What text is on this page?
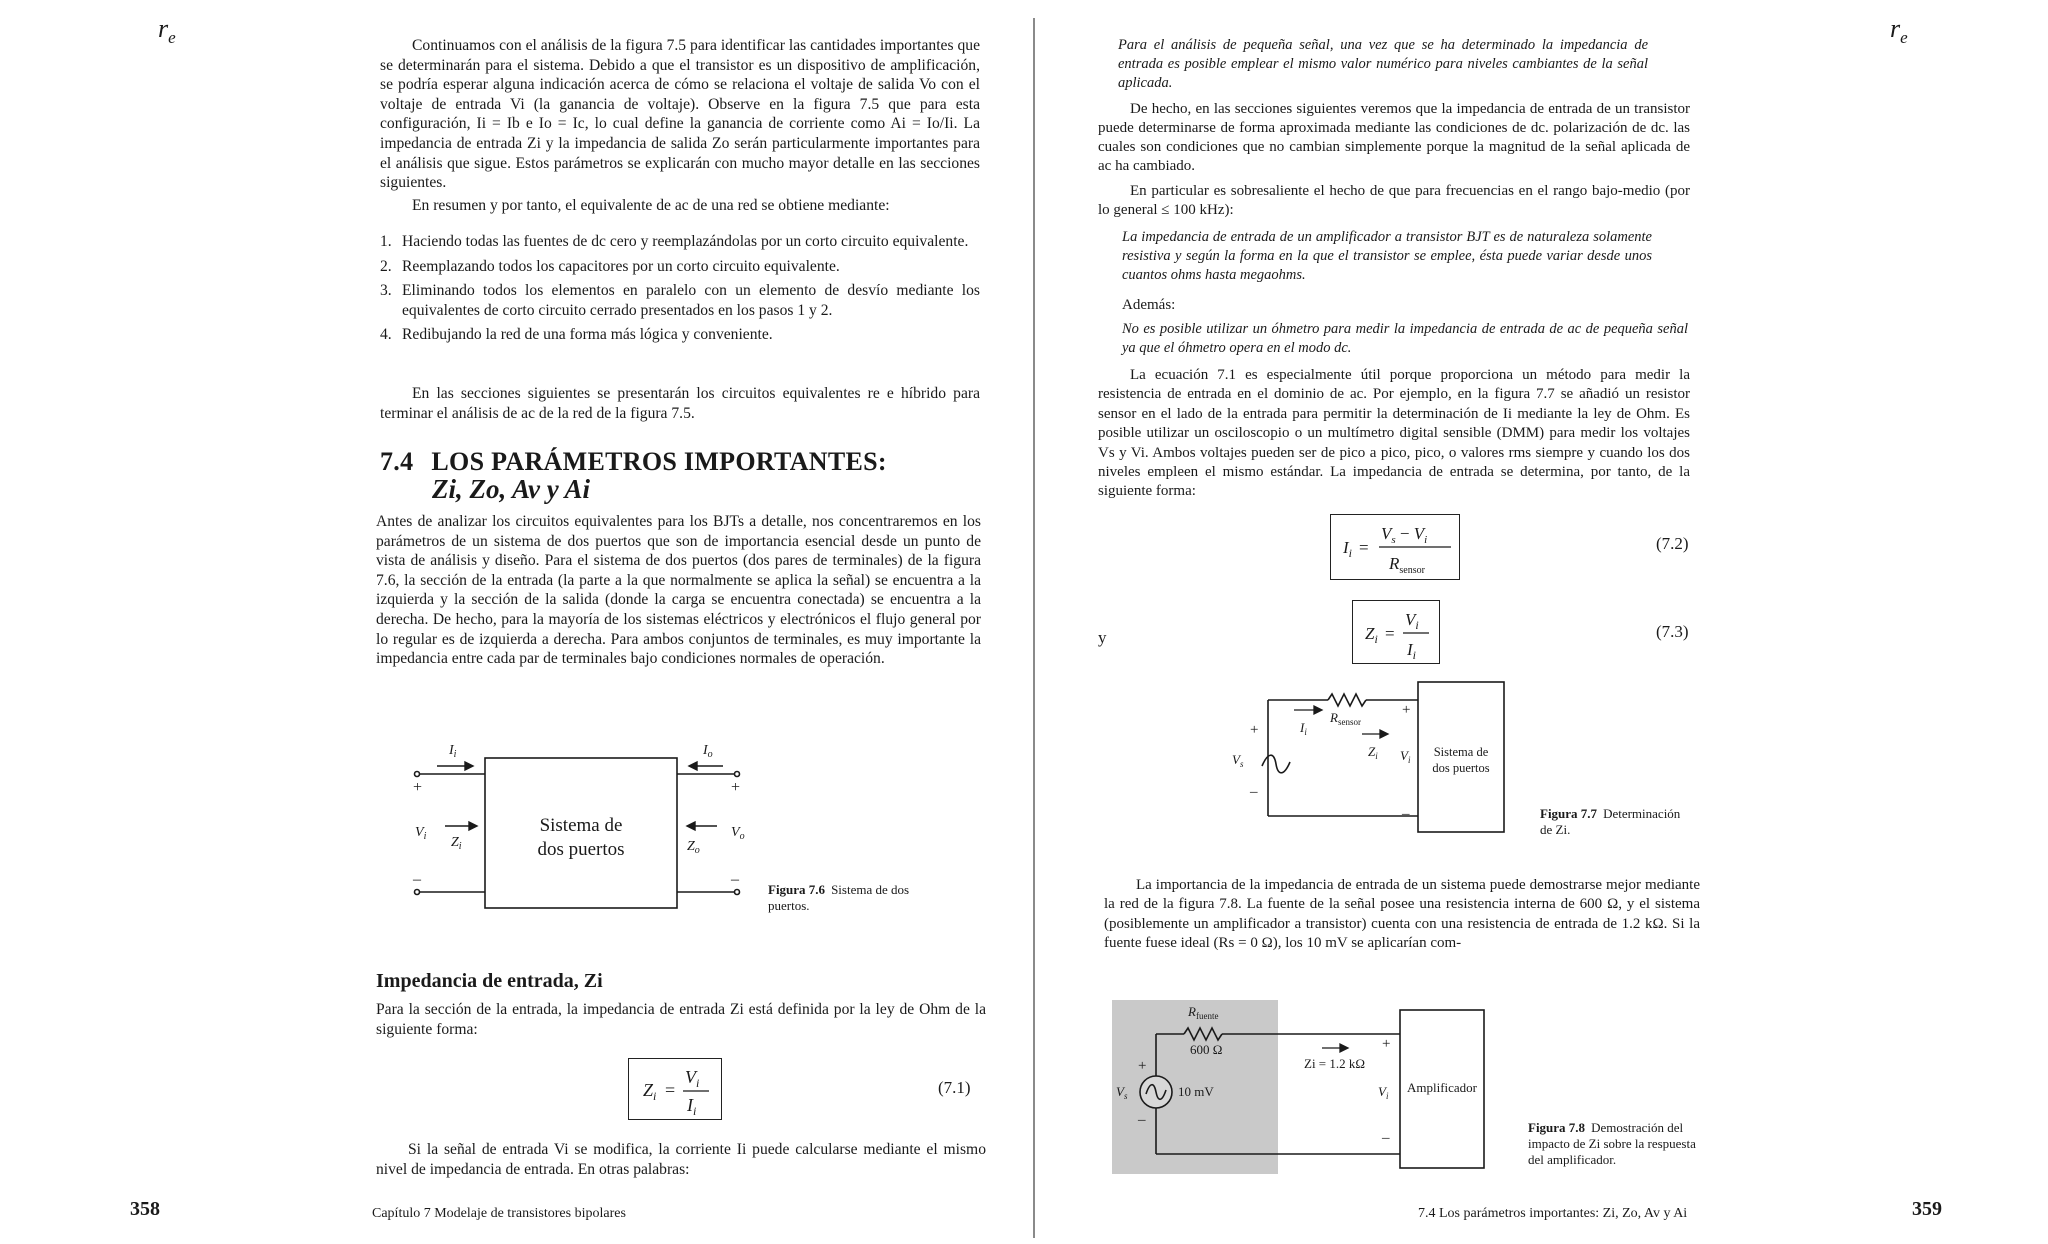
$r_e$	Continuamos con el análisis de la figura 7.5 para identificar las cantidades importantes que se determinarán para el sistema. Debido a que el transistor es un dispositivo de amplificación, se podría esperar alguna indicación acerca de cómo se relaciona el voltaje de salida Vo con el voltaje de entrada Vi (la ganancia de voltaje). Observe en la figura 7.5 que para esta configuración, Ii = Ib e Io = Ic, lo cual define la ganancia de corriente como Ai = Io/Ii. La impedancia de entrada Zi y la impedancia de salida Zo serán particularmente importantes para el análisis que sigue. Estos parámetros se explicarán con mucho mayor detalle en las secciones siguientes.

En resumen y por tanto, el equivalente de ac de una red se obtiene mediante:

1. Haciendo todas las fuentes de dc cero y reemplazándolas por un corto circuito equivalente.
2. Reemplazando todos los capacitores por un corto circuito equivalente.
3. Eliminando todos los elementos en paralelo con un elemento de desvío mediante los equivalentes de corto circuito cerrado presentados en los pasos 1 y 2.
4. Redibujando la red de una forma más lógica y conveniente.

En las secciones siguientes se presentarán los circuitos equivalentes re e híbrido para terminar el análisis de ac de la red de la figura 7.5.

7.4 LOS PARÁMETROS IMPORTANTES:
Zi, Zo, Av y Ai

Antes de analizar los circuitos equivalentes para los BJTs a detalle, nos concentraremos en los parámetros de un sistema de dos puertos que son de importancia esencial desde un punto de vista de análisis y diseño. Para el sistema de dos puertos (dos pares de terminales) de la figura 7.6, la sección de la entrada (la parte a la que normalmente se aplica la señal) se encuentra a la izquierda y la sección de la salida (donde la carga se encuentra conectada) se encuentra a la derecha. De hecho, para la mayoría de los sistemas eléctricos y electrónicos el flujo general por lo regular es de izquierda a derecha. Para ambos conjuntos de terminales, es muy importante la impedancia entre cada par de terminales bajo condiciones normales de operación.

$I_i$	$I_o$
$V_i$ $Z_i$	$Z_o$
$V_o$
+
–
+
–
Sistema de
dos puertos
Figura 7.6 Sistema de dos puertos.
Impedancia de entrada, Zi

Para la sección de la entrada, la impedancia de entrada Zi está definida por la ley de Ohm de la siguiente forma:

$Z_i$ =
$V_i$
$I_i$
(7.1)

Si la señal de entrada Vi se modifica, la corriente Ii puede calcularse mediante el mismo nivel de impedancia de entrada. En otras palabras:

358	Capítulo 7 Modelaje de transistores bipolares
$r_e$

Para el análisis de pequeña señal, una vez que se ha determinado la impedancia de entrada es posible emplear el mismo valor numérico para niveles cambiantes de la señal aplicada.

De hecho, en las secciones siguientes veremos que la impedancia de entrada de un transistor puede determinarse de forma aproximada mediante las condiciones de dc. polarización de dc. las cuales son condiciones que no cambian simplemente porque la magnitud de la señal aplicada de ac ha cambiado.

En particular es sobresaliente el hecho de que para frecuencias en el rango bajo-medio (por lo general ≤ 100 kHz):

La impedancia de entrada de un amplificador a transistor BJT es de naturaleza solamente resistiva y según la forma en la que el transistor se emplee, ésta puede variar desde unos cuantos ohms hasta megaohms.

Además:

No es posible utilizar un óhmetro para medir la impedancia de entrada de ac de pequeña señal ya que el óhmetro opera en el modo dc.

La ecuación 7.1 es especialmente útil porque proporciona un método para medir la resistencia de entrada en el dominio de ac. Por ejemplo, en la figura 7.7 se añadió un resistor sensor en el lado de la entrada para permitir la determinación de Ii mediante la ley de Ohm. Es posible utilizar un osciloscopio o un multímetro digital sensible (DMM) para medir los voltajes Vs y Vi. Ambos voltajes pueden ser de pico a pico, pico, o valores rms siempre y cuando los dos niveles empleen el mismo estándar. La impedancia de entrada se determina, por tanto, de la siguiente forma:

$I_i$ =
$V_s - V_i$
$R_{sensor}$
(7.2)
y	$Z_i$ =
$V_i$
$I_i$
(7.3)
$I_i$
$R_{sensor}$
$Z_i$ $V_i$
$V_s$
+
–
+
–
Sistema de
dos puertos
Figura 7.7 Determinación de Zi.

La importancia de la impedancia de entrada de un sistema puede demostrarse mejor mediante la red de la figura 7.8. La fuente de la señal posee una resistencia interna de 600 Ω, y el sistema (posiblemente un amplificador a transistor) cuenta con una resistencia de entrada de 1.2 kΩ. Si la fuente fuese ideal (Rs = 0 Ω), los 10 mV se aplicarían com-

$R_{fuente}$
600 Ω
10 mV
Zi = 1.2 kΩ
$V_s$	$V_i$
+
–
+
–
Amplificador
Figura 7.8 Demostración del impacto de Zi sobre la respuesta del amplificador.
7.4 Los parámetros importantes: Zi, Zo, Av y Ai	359
